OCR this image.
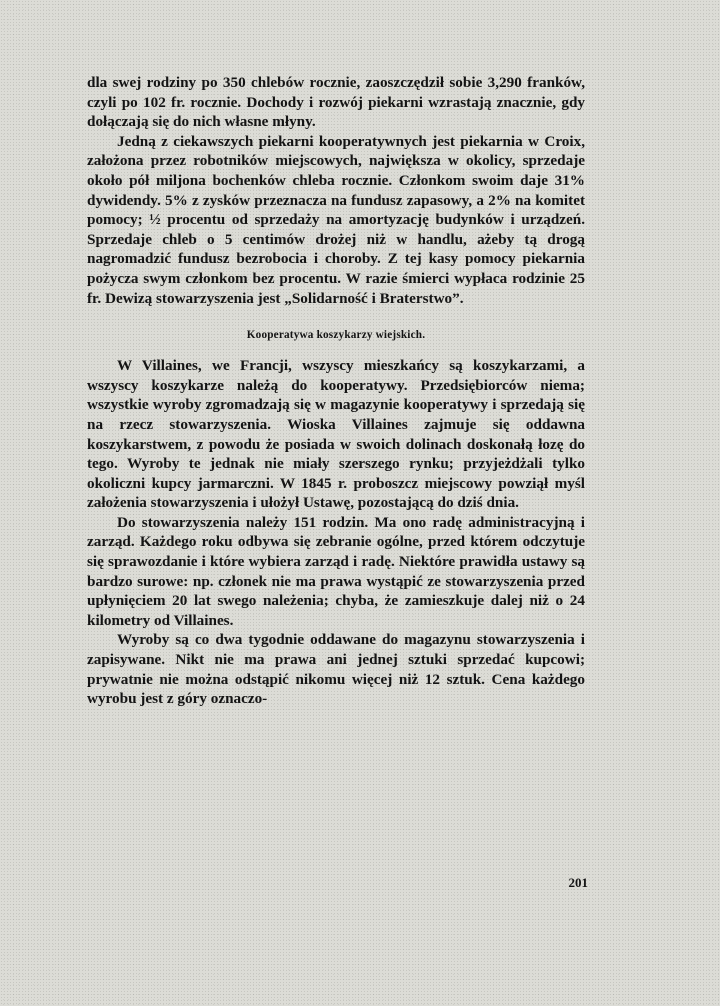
dla swej rodziny po 350 chlebów rocznie, zaoszczędził sobie 3,290 franków, czyli po 102 fr. rocznie. Dochody i rozwój piekarni wzrastają znacznie, gdy dołączają się do nich własne młyny.

Jedną z ciekawszych piekarni kooperatywnych jest piekarnia w Croix, założona przez robotników miejscowych, największa w okolicy, sprzedaje około pół miljona bochenków chleba rocznie. Członkom swoim daje 31% dywidendy. 5% z zysków przeznacza na fundusz zapasowy, a 2% na komitet pomocy; ½ procentu od sprzedaży na amortyzację budynków i urządzeń. Sprzedaje chleb o 5 centimów drożej niż w handlu, ażeby tą drogą nagromadzić fundusz bezrobocia i choroby. Z tej kasy pomocy piekarnia pożycza swym członkom bez procentu. W razie śmierci wypłaca rodzinie 25 fr. Dewizą stowarzyszenia jest „Solidarność i Braterstwo”.

Kooperatywa koszykarzy wiejskich.

W Villaines, we Francji, wszyscy mieszkańcy są koszykarzami, a wszyscy koszykarze należą do kooperatywy. Przedsiębiorców niema; wszystkie wyroby zgromadzają się w magazynie kooperatywy i sprzedają się na rzecz stowarzyszenia. Wioska Villaines zajmuje się oddawna koszykarstwem, z powodu że posiada w swoich dolinach doskonałą łozę do tego. Wyroby te jednak nie miały szerszego rynku; przyjeżdżali tylko okoliczni kupcy jarmarczni. W 1845 r. proboszcz miejscowy powziął myśl założenia stowarzyszenia i ułożył Ustawę, pozostającą do dziś dnia.

Do stowarzyszenia należy 151 rodzin. Ma ono radę administracyjną i zarząd. Każdego roku odbywa się zebranie ogólne, przed którem odczytuje się sprawozdanie i które wybiera zarząd i radę. Niektóre prawidła ustawy są bardzo surowe: np. członek nie ma prawa wystąpić ze stowarzyszenia przed upłynięciem 20 lat swego należenia; chyba, że zamieszkuje dalej niż o 24 kilometry od Villaines.

Wyroby są co dwa tygodnie oddawane do magazynu stowarzyszenia i zapisywane. Nikt nie ma prawa ani jednej sztuki sprzedać kupcowi; prywatnie nie można odstąpić nikomu więcej niż 12 sztuk. Cena każdego wyrobu jest z góry oznaczo-

201
